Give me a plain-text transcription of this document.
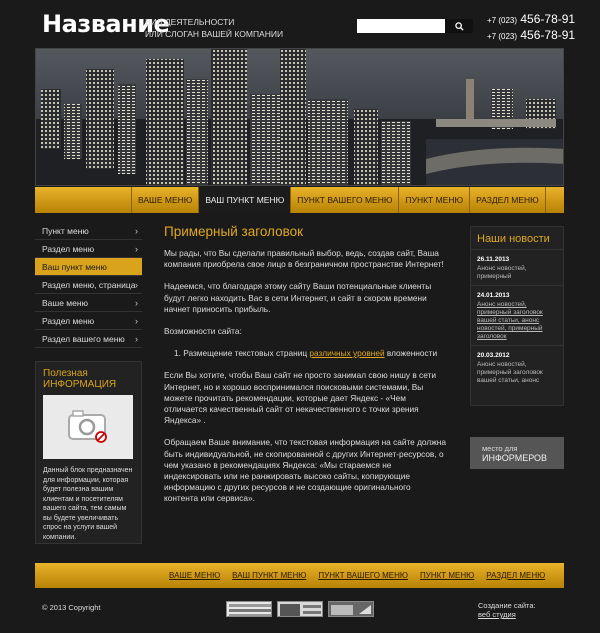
Название
ВИД ДЕЯТЕЛЬНОСТИ
ИЛИ СЛОГАН ВАШЕЙ КОМПАНИИ
+7 (023) 456-78-91
+7 (023) 456-78-91
ВАШЕ МЕНЮ	ВАШ ПУНКТ МЕНЮ	ПУНКТ ВАШЕГО МЕНЮ	ПУНКТ МЕНЮ	РАЗДЕЛ МЕНЮ
Пункт меню	›
Раздел меню	›
Ваш пункт меню
Раздел меню, страница ›
Ваше меню	›
Раздел меню	›
Раздел вашего меню ›
Полезная
ИНФОРМАЦИЯ
Данный блок предназначен для информации, которая будет полезна вашим клиентам и посетителям вашего сайта, тем самым вы будете увеличивать спрос на услуги вашей компании.
Примерный заголовок

Мы рады, что Вы сделали правильный выбор, ведь, создав сайт, Ваша компания приобрела свое лицо в безграничном пространстве Интернет!

Надеемся, что благодаря этому сайту Ваши потенциальные клиенты будут легко находить Вас в сети Интернет, и сайт в скором времени начнет приносить прибыль.

Возможности сайта:

1. Размещение текстовых страниц различных уровней вложенности

Если Вы хотите, чтобы Ваш сайт не просто занимал свою нишу в сети Интернет, но и хорошо воспринимался поисковыми системами, Вы можете прочитать рекомендации, которые дает Яндекс - «Чем отличается качественный сайт от некачественного с точки зрения Яндекса» .

Обращаем Ваше внимание, что текстовая информация на сайте должна быть индивидуальной, не скопированной с других Интернет-ресурсов, о чем указано в рекомендациях Яндекса: «Мы стараемся не индексировать или не ранжировать высоко сайты, копирующие информацию с других ресурсов и не создающие оригинального контента или сервиса».

Наши новости
26.11.2013
Анонс новостей, примерный
24.01.2013
Анонс новостей, примерный заголовок вашей статьи, анонс новостей, примерный заголовок
20.03.2012
Анонс новостей, примерный заголовок вашей статьи, анонс
место для
ИНФОРМЕРОВ
ВАШЕ МЕНЮ	ВАШ ПУНКТ МЕНЮ	ПУНКТ ВАШЕГО МЕНЮ	ПУНКТ МЕНЮ	РАЗДЕЛ МЕНЮ
© 2013 Copyright	Создание сайта:
веб студия
